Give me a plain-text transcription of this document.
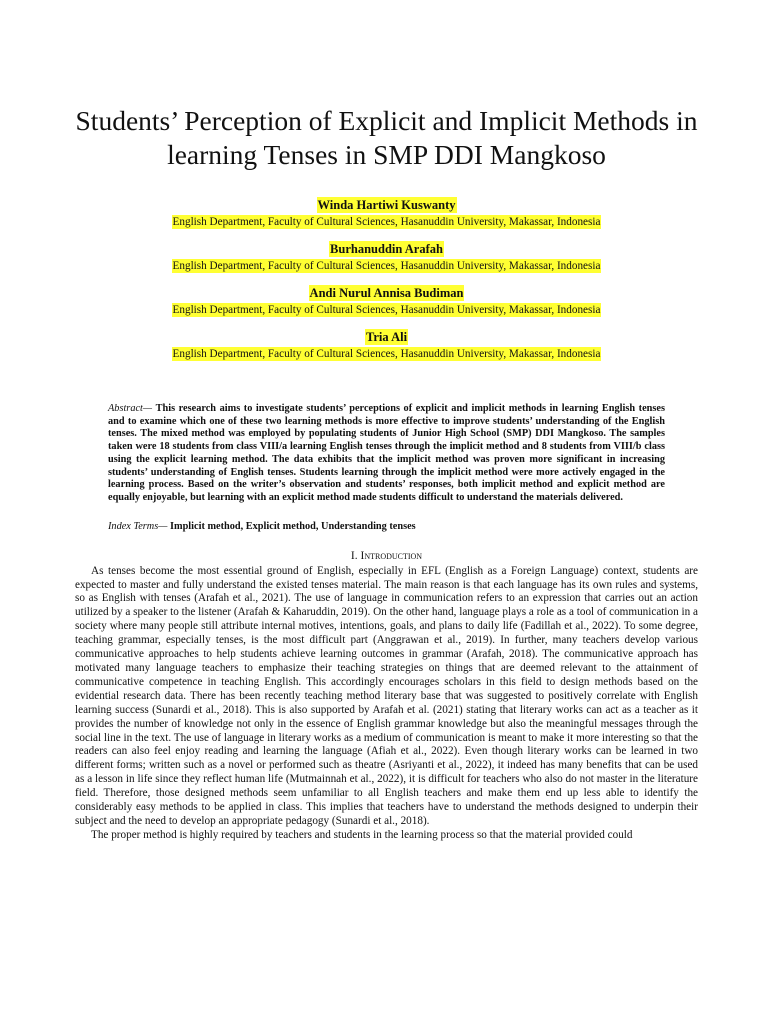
Students’ Perception of Explicit and Implicit Methods in learning Tenses in SMP DDI Mangkoso
Winda Hartiwi Kuswanty
English Department, Faculty of Cultural Sciences, Hasanuddin University, Makassar, Indonesia
Burhanuddin Arafah
English Department, Faculty of Cultural Sciences, Hasanuddin University, Makassar, Indonesia
Andi Nurul Annisa Budiman
English Department, Faculty of Cultural Sciences, Hasanuddin University, Makassar, Indonesia
Tria Ali
English Department, Faculty of Cultural Sciences, Hasanuddin University, Makassar, Indonesia
Abstract— This research aims to investigate students’ perceptions of explicit and implicit methods in learning English tenses and to examine which one of these two learning methods is more effective to improve students’ understanding of the English tenses. The mixed method was employed by populating students of Junior High School (SMP) DDI Mangkoso. The samples taken were 18 students from class VIII/a learning English tenses through the implicit method and 8 students from VIII/b class using the explicit learning method. The data exhibits that the implicit method was proven more significant in increasing students’ understanding of English tenses. Students learning through the implicit method were more actively engaged in the learning process. Based on the writer’s observation and students’ responses, both implicit method and explicit method are equally enjoyable, but learning with an explicit method made students difficult to understand the materials delivered.
Index Terms— Implicit method, Explicit method, Understanding tenses
I. Introduction

As tenses become the most essential ground of English, especially in EFL (English as a Foreign Language) context, students are expected to master and fully understand the existed tenses material. The main reason is that each language has its own rules and systems, so as English with tenses (Arafah et al., 2021). The use of language in communication refers to an expression that carries out an action utilized by a speaker to the listener (Arafah & Kaharuddin, 2019). On the other hand, language plays a role as a tool of communication in a society where many people still attribute internal motives, intentions, goals, and plans to daily life (Fadillah et al., 2022). To some degree, teaching grammar, especially tenses, is the most difficult part (Anggrawan et al., 2019). In further, many teachers develop various communicative approaches to help students achieve learning outcomes in grammar (Arafah, 2018). The communicative approach has motivated many language teachers to emphasize their teaching strategies on things that are deemed relevant to the attainment of communicative competence in teaching English. This accordingly encourages scholars in this field to design methods based on the evidential research data. There has been recently teaching method literary base that was suggested to positively correlate with English learning success (Sunardi et al., 2018). This is also supported by Arafah et al. (2021) stating that literary works can act as a teacher as it provides the number of knowledge not only in the essence of English grammar knowledge but also the meaningful messages through the social line in the text. The use of language in literary works as a medium of communication is meant to make it more interesting so that the readers can also feel enjoy reading and learning the language (Afiah et al., 2022). Even though literary works can be learned in two different forms; written such as a novel or performed such as theatre (Asriyanti et al., 2022), it indeed has many benefits that can be used as a lesson in life since they reflect human life (Mutmainnah et al., 2022), it is difficult for teachers who also do not master in the literature field. Therefore, those designed methods seem unfamiliar to all English teachers and make them end up less able to identify the considerably easy methods to be applied in class. This implies that teachers have to understand the methods designed to underpin their subject and the need to develop an appropriate pedagogy (Sunardi et al., 2018).

The proper method is highly required by teachers and students in the learning process so that the material provided could
